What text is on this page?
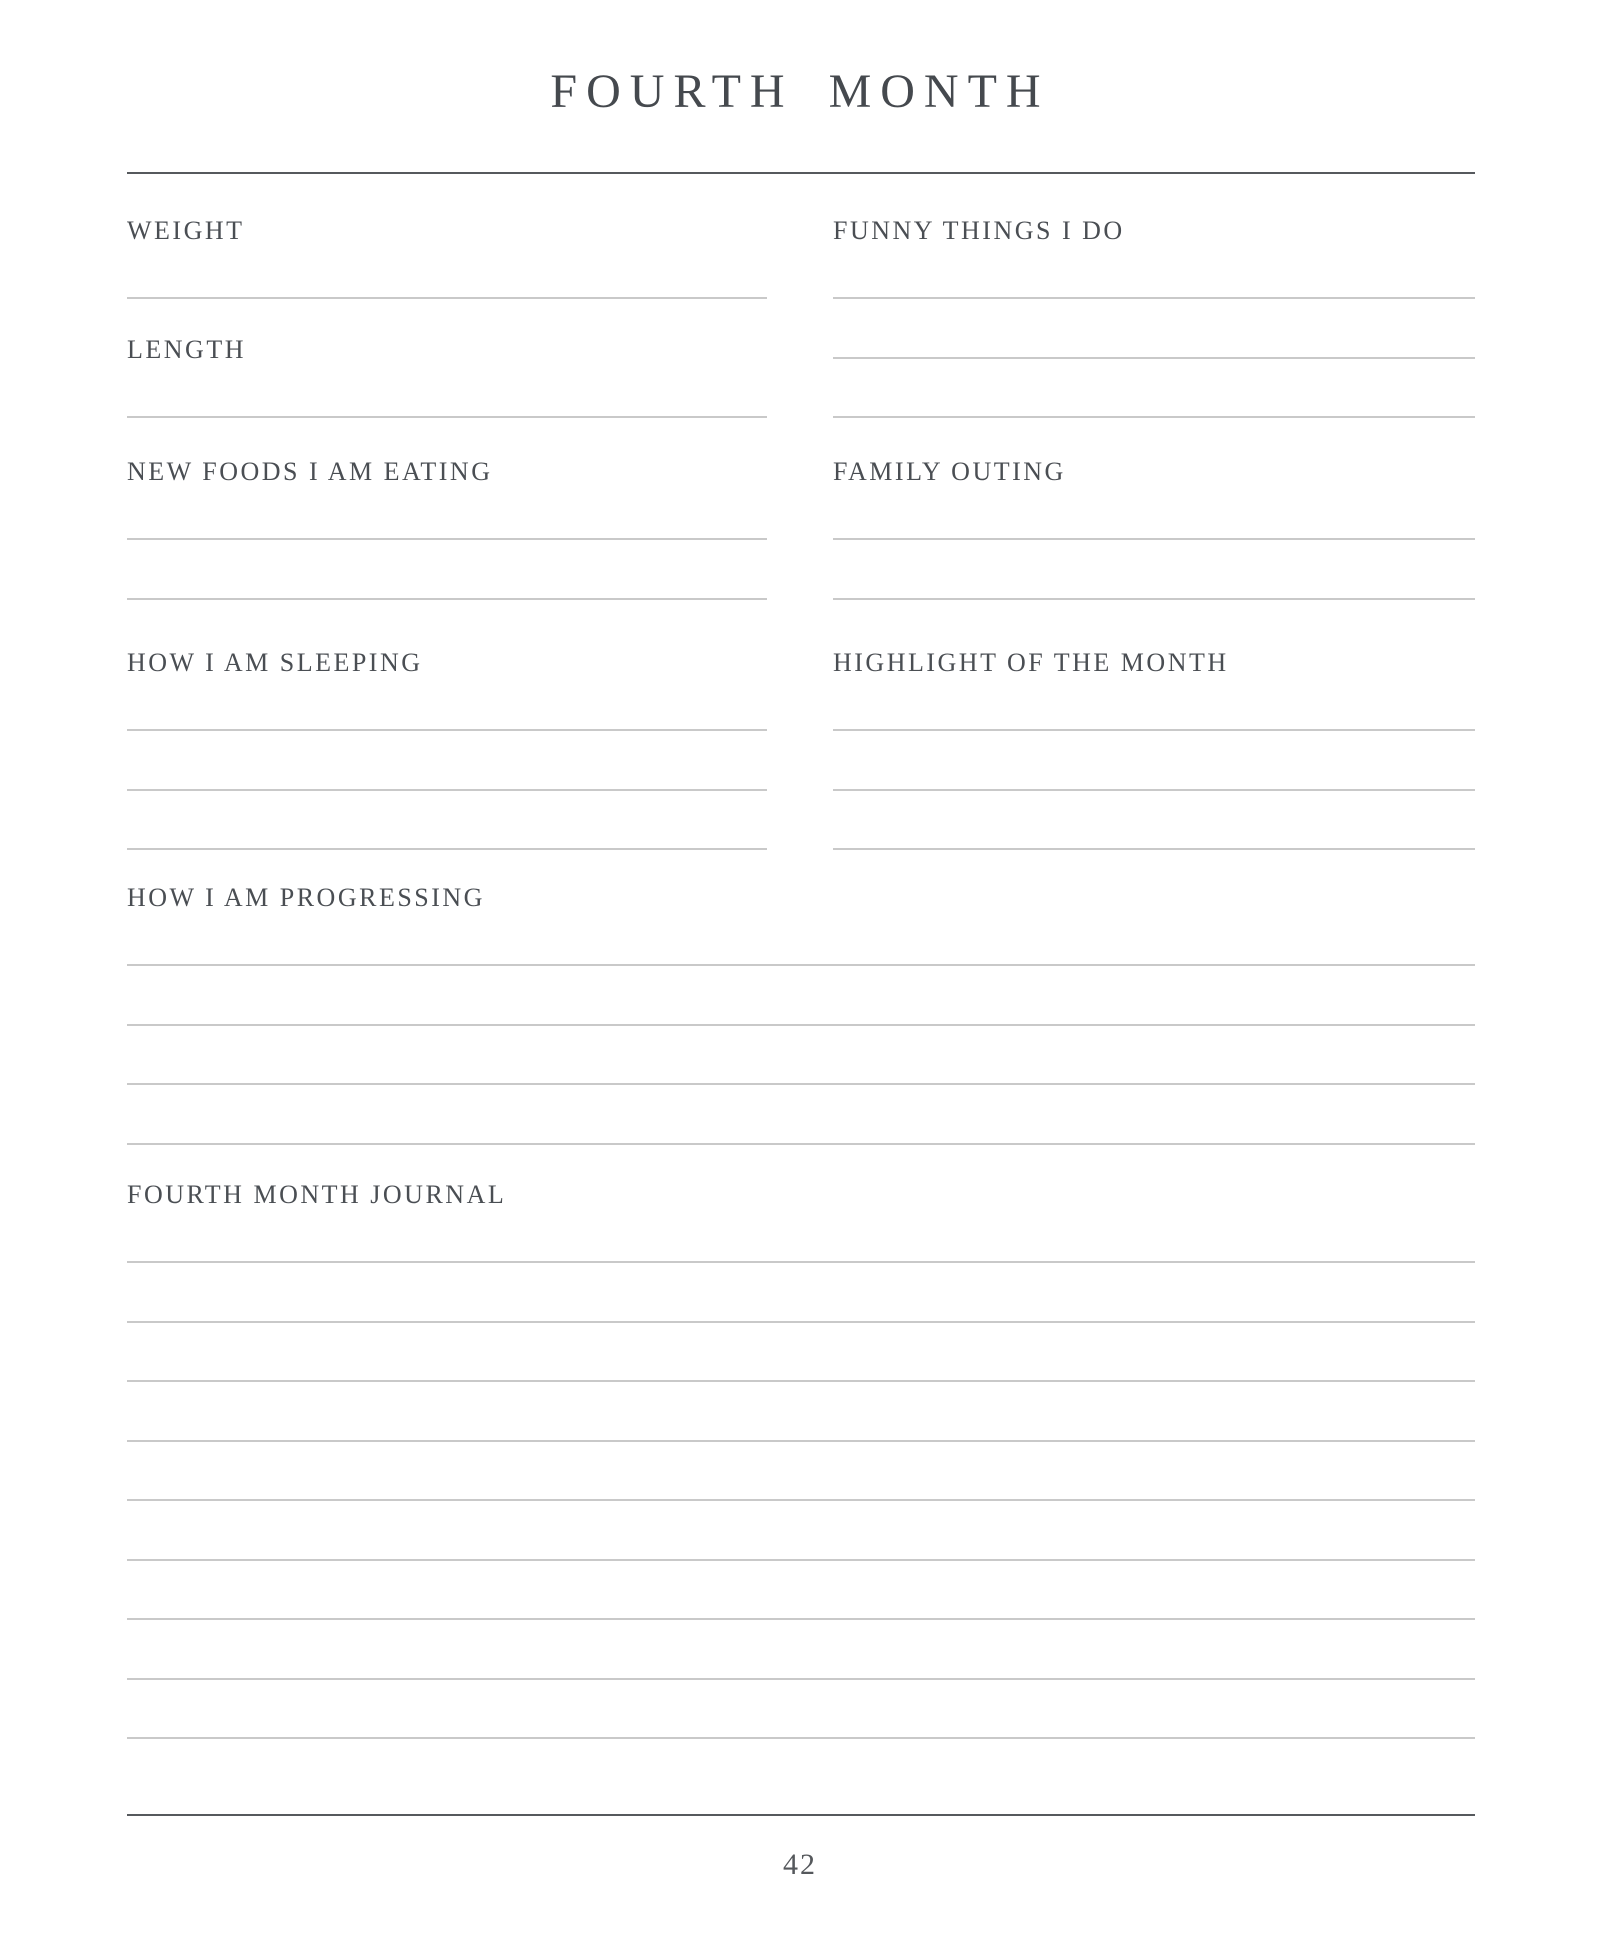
FOURTH MONTH
WEIGHT
LENGTH
NEW FOODS I AM EATING
HOW I AM SLEEPING
FUNNY THINGS I DO
FAMILY OUTING
HIGHLIGHT OF THE MONTH
HOW I AM PROGRESSING
FOURTH MONTH JOURNAL
42
